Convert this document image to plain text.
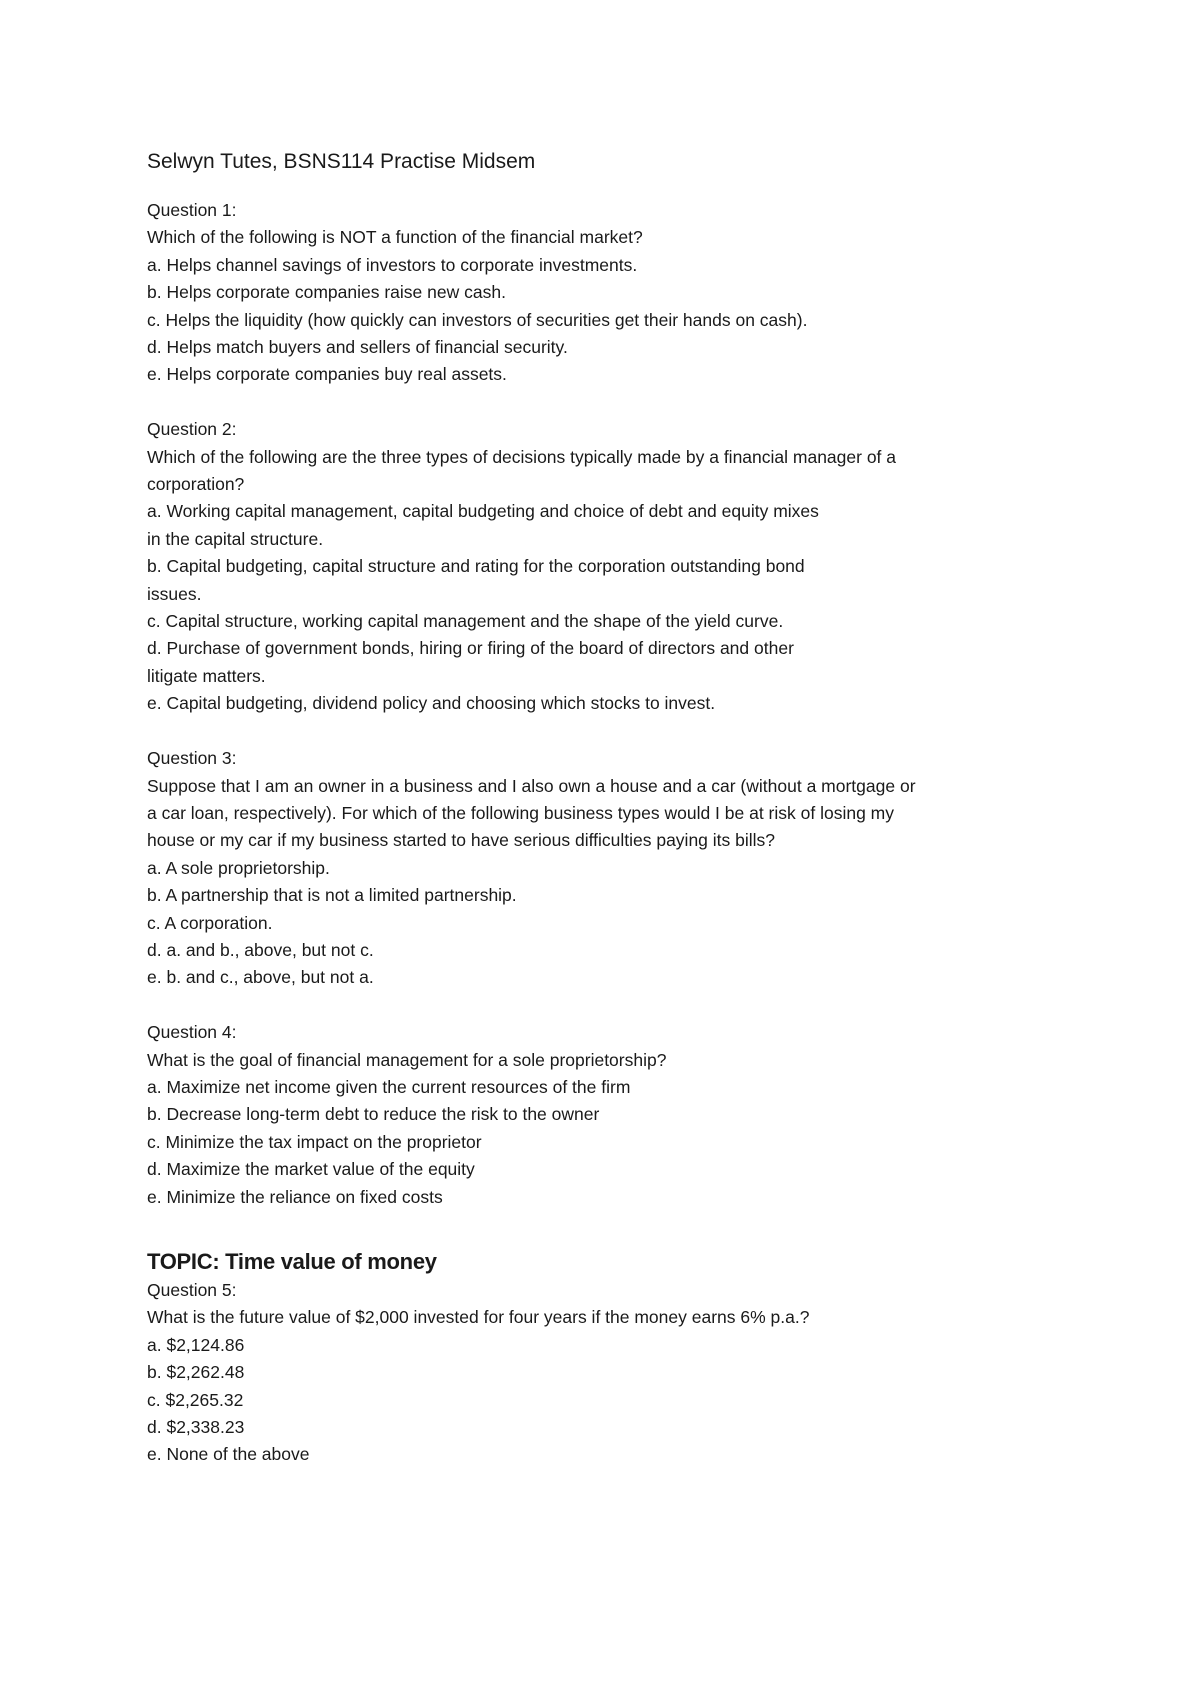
Selwyn Tutes, BSNS114 Practise Midsem

Question 1:

Which of the following is NOT a function of the financial market?

a. Helps channel savings of investors to corporate investments.

b. Helps corporate companies raise new cash.

c. Helps the liquidity (how quickly can investors of securities get their hands on cash).

d. Helps match buyers and sellers of financial security.

e. Helps corporate companies buy real assets.

Question 2:

Which of the following are the three types of decisions typically made by a financial manager of a

corporation?

a. Working capital management, capital budgeting and choice of debt and equity mixes

in the capital structure.

b. Capital budgeting, capital structure and rating for the corporation outstanding bond

issues.

c. Capital structure, working capital management and the shape of the yield curve.

d. Purchase of government bonds, hiring or firing of the board of directors and other

litigate matters.

e. Capital budgeting, dividend policy and choosing which stocks to invest.

Question 3:

Suppose that I am an owner in a business and I also own a house and a car (without a mortgage or

a car loan, respectively). For which of the following business types would I be at risk of losing my

house or my car if my business started to have serious difficulties paying its bills?

a. A sole proprietorship.

b. A partnership that is not a limited partnership.

c. A corporation.

d. a. and b., above, but not c.

e. b. and c., above, but not a.

Question 4:

What is the goal of financial management for a sole proprietorship?

a. Maximize net income given the current resources of the firm

b. Decrease long-term debt to reduce the risk to the owner

c. Minimize the tax impact on the proprietor

d. Maximize the market value of the equity

e. Minimize the reliance on fixed costs

TOPIC: Time value of money

Question 5:

What is the future value of $2,000 invested for four years if the money earns 6% p.a.?

a. $2,124.86

b. $2,262.48

c. $2,265.32

d. $2,338.23

e. None of the above
